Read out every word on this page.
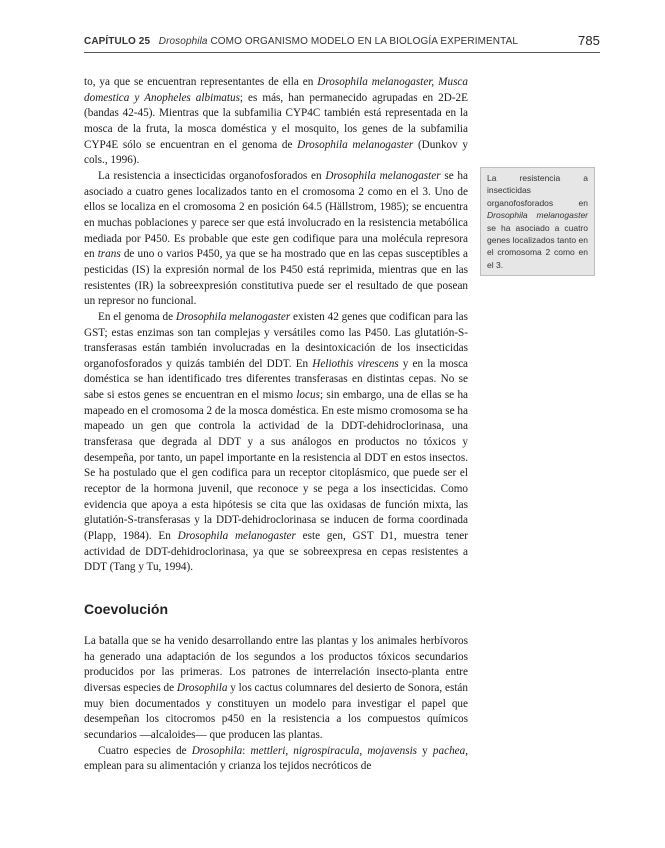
CAPÍTULO 25 Drosophila COMO ORGANISMO MODELO EN LA BIOLOGÍA EXPERIMENTAL	785

to, ya que se encuentran representantes de ella en Drosophila melanogaster, Musca domestica y Anopheles albimatus; es más, han permanecido agrupadas en 2D-2E (bandas 42-45). Mientras que la subfamilia CYP4C también está representada en la mosca de la fruta, la mosca doméstica y el mosquito, los genes de la subfamilia CYP4E sólo se encuentran en el genoma de Drosophila melanogaster (Dunkov y cols., 1996).

La resistencia a insecticidas organofosforados en Drosophila melanogaster se ha asociado a cuatro genes localizados tanto en el cromosoma 2 como en el 3. Uno de ellos se localiza en el cromosoma 2 en posición 64.5 (Hällstrom, 1985); se encuentra en muchas poblaciones y parece ser que está involucrado en la resistencia metabólica mediada por P450. Es probable que este gen codifique para una molécula represora en trans de uno o varios P450, ya que se ha mostrado que en las cepas susceptibles a pesticidas (IS) la expresión normal de los P450 está reprimida, mientras que en las resistentes (IR) la sobreexpresión constitutiva puede ser el resultado de que posean un represor no funcional.

En el genoma de Drosophila melanogaster existen 42 genes que codifican para las GST; estas enzimas son tan complejas y versátiles como las P450. Las glutatión-S-transferasas están también involucradas en la desintoxicación de los insecticidas organofosforados y quizás también del DDT. En Heliothis virescens y en la mosca doméstica se han identificado tres diferentes transferasas en distintas cepas. No se sabe si estos genes se encuentran en el mismo locus; sin embargo, una de ellas se ha mapeado en el cromosoma 2 de la mosca doméstica. En este mismo cromosoma se ha mapeado un gen que controla la actividad de la DDT-dehidroclorinasa, una transferasa que degrada al DDT y a sus análogos en productos no tóxicos y desempeña, por tanto, un papel importante en la resistencia al DDT en estos insectos. Se ha postulado que el gen codifica para un receptor citoplásmico, que puede ser el receptor de la hormona juvenil, que reconoce y se pega a los insecticidas. Como evidencia que apoya a esta hipótesis se cita que las oxidasas de función mixta, las glutatión-S-transferasas y la DDT-dehidroclorinasa se inducen de forma coordinada (Plapp, 1984). En Drosophila melanogaster este gen, GST D1, muestra tener actividad de DDT-dehidroclorinasa, ya que se sobreexpresa en cepas resistentes a DDT (Tang y Tu, 1994).

La resistencia a insecticidas organofosforados en Drosophila melanogaster se ha asociado a cuatro genes localizados tanto en el cromosoma 2 como en el 3.
Coevolución

La batalla que se ha venido desarrollando entre las plantas y los animales herbívoros ha generado una adaptación de los segundos a los productos tóxicos secundarios producidos por las primeras. Los patrones de interrelación insecto-planta entre diversas especies de Drosophila y los cactus columnares del desierto de Sonora, están muy bien documentados y constituyen un modelo para investigar el papel que desempeñan los citocromos p450 en la resistencia a los compuestos químicos secundarios —alcaloides— que producen las plantas.

Cuatro especies de Drosophila: mettleri, nigrospiracula, mojavensis y pachea, emplean para su alimentación y crianza los tejidos necróticos de
